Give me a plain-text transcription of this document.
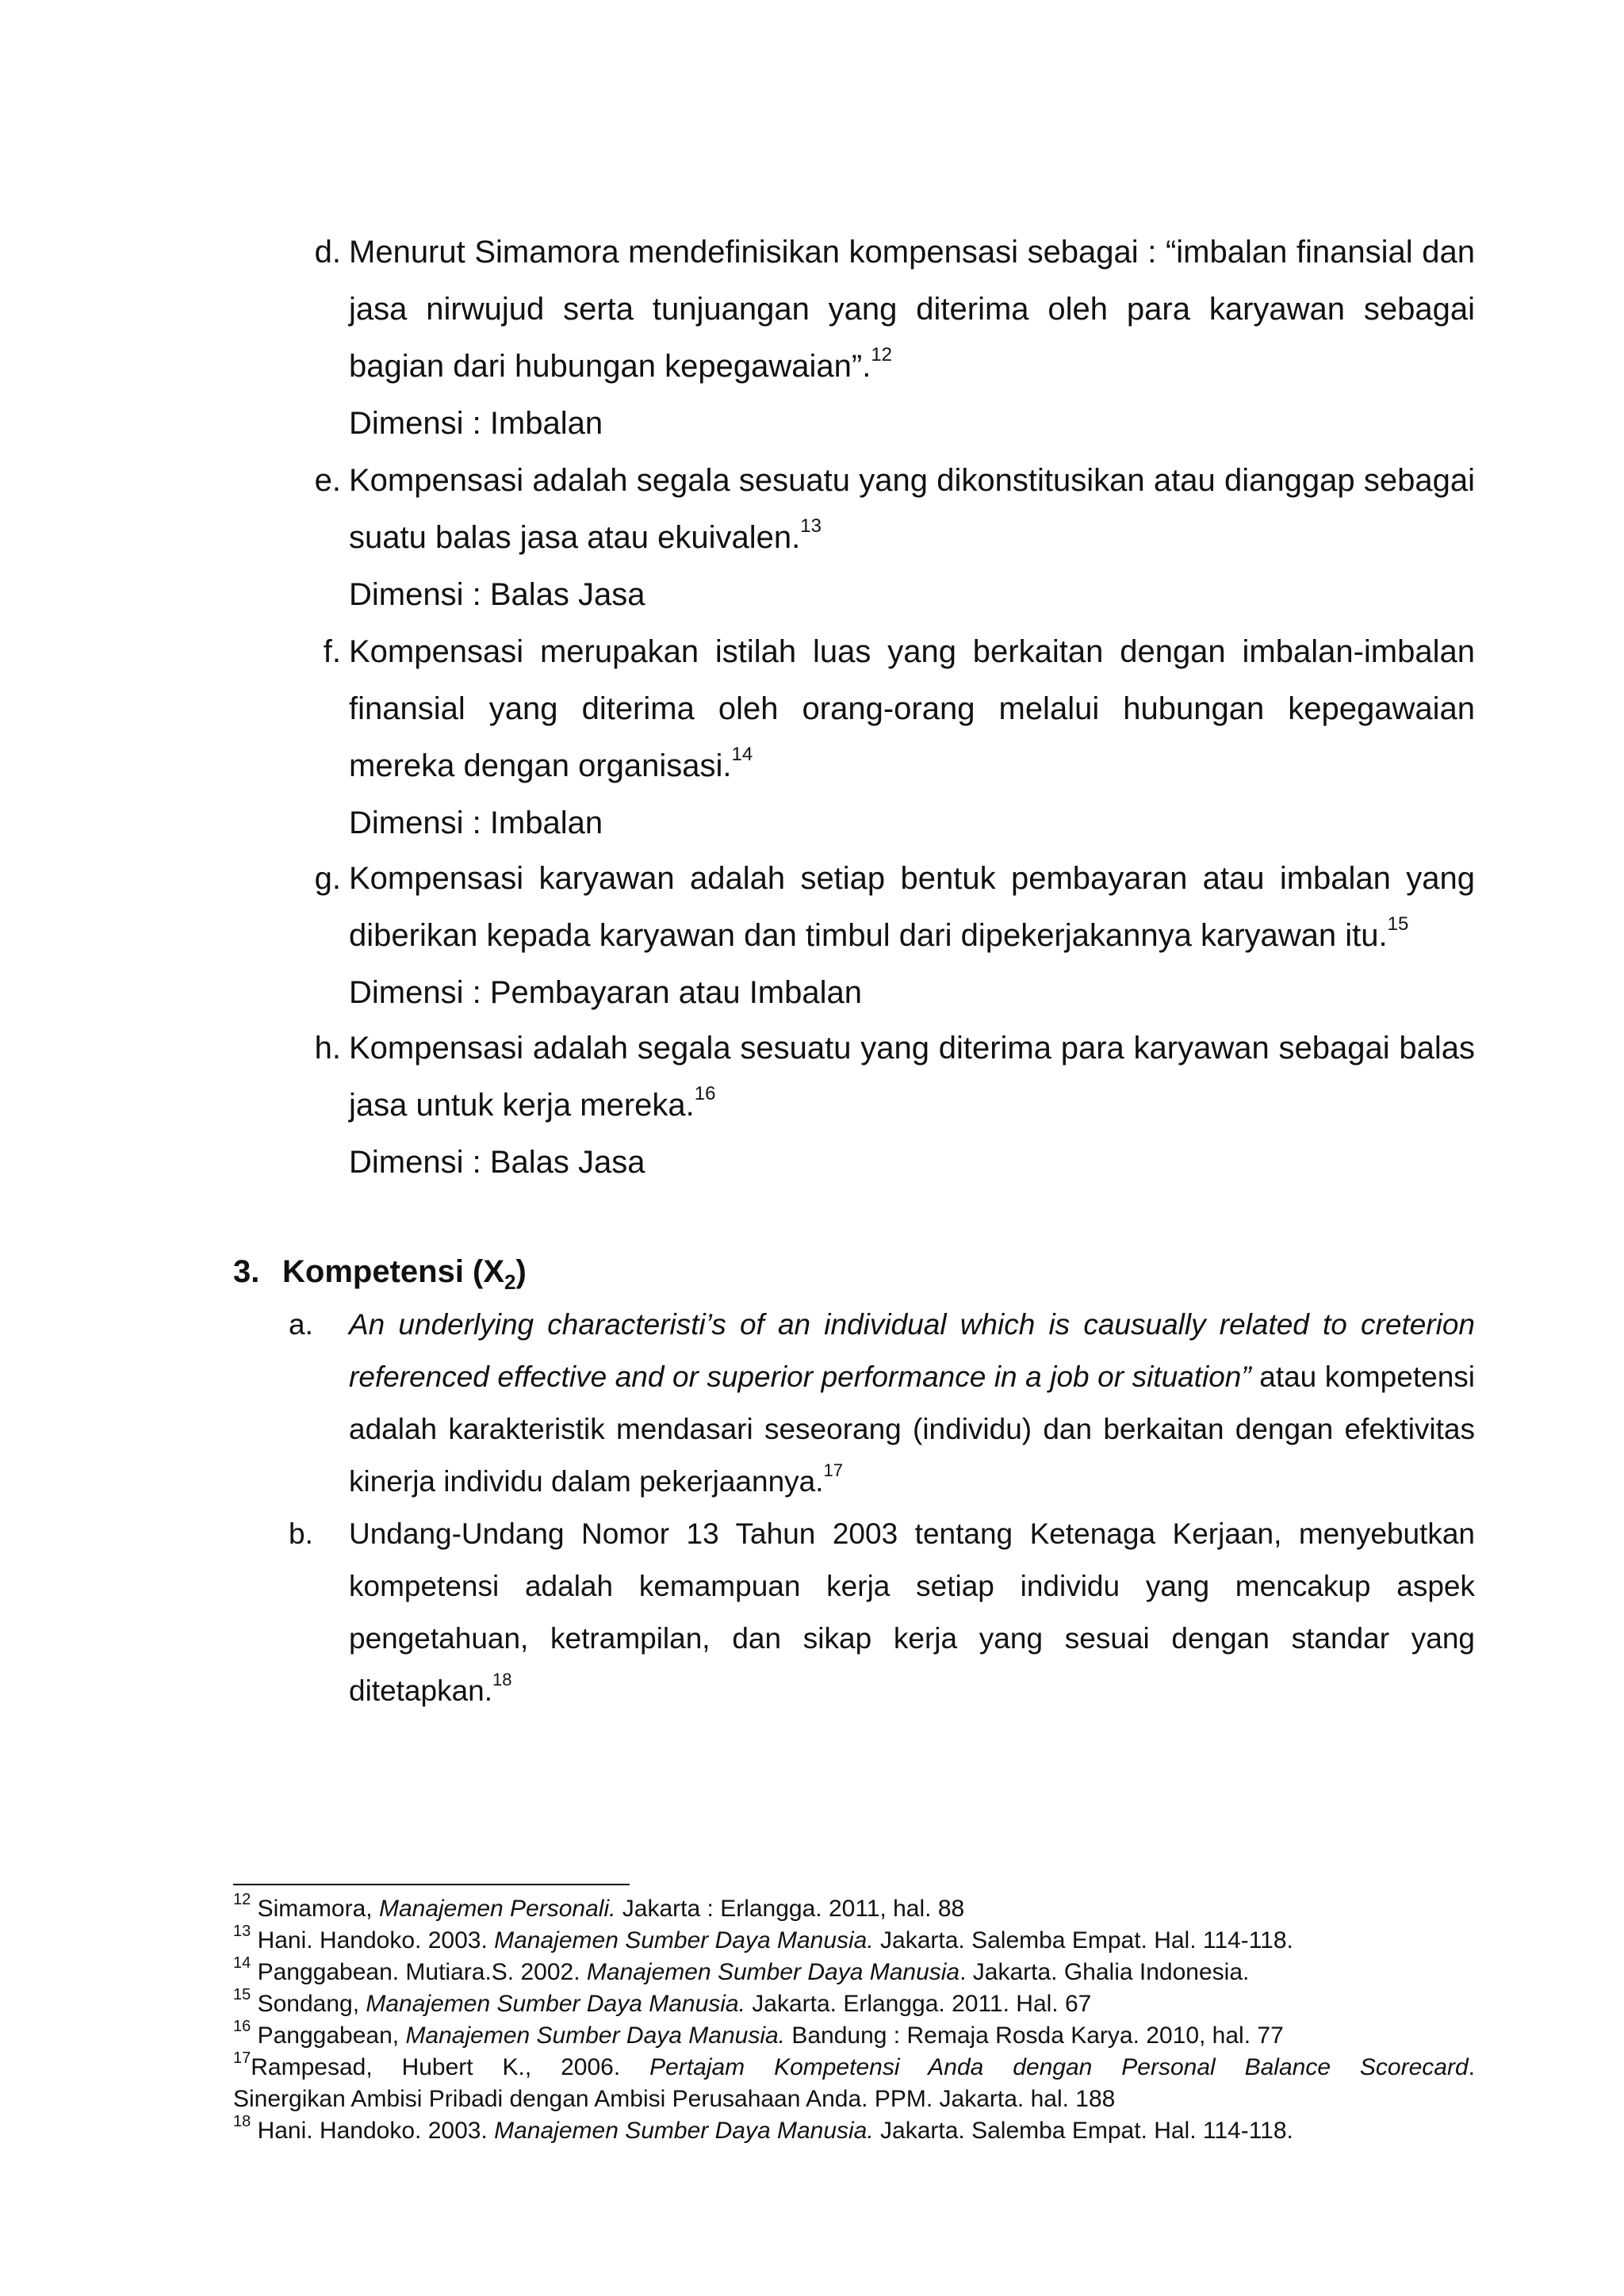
d. Menurut Simamora mendefinisikan kompensasi sebagai : “imbalan finansial dan jasa nirwujud serta tunjuangan yang diterima oleh para karyawan sebagai bagian dari hubungan kepegawaian”.$^{12}$

Dimensi : Imbalan

e. Kompensasi adalah segala sesuatu yang dikonstitusikan atau dianggap sebagai suatu balas jasa atau ekuivalen.$^{13}$

Dimensi : Balas Jasa

f. Kompensasi merupakan istilah luas yang berkaitan dengan imbalan-imbalan finansial yang diterima oleh orang-orang melalui hubungan kepegawaian mereka dengan organisasi.$^{14}$

Dimensi : Imbalan

g. Kompensasi karyawan adalah setiap bentuk pembayaran atau imbalan yang diberikan kepada karyawan dan timbul dari dipekerjakannya karyawan itu.$^{15}$

Dimensi : Pembayaran atau Imbalan

h. Kompensasi adalah segala sesuatu yang diterima para karyawan sebagai balas jasa untuk kerja mereka.$^{16}$

Dimensi : Balas Jasa

3. Kompetensi $(X_2)$
a. An underlying characteristi’s of an individual which is causually related to creterion referenced effective and or superior performance in a job or situation” atau kompetensi adalah karakteristik mendasari seseorang (individu) dan berkaitan dengan efektivitas kinerja individu dalam pekerjaannya.$^{17}$

b. Undang-Undang Nomor 13 Tahun 2003 tentang Ketenaga Kerjaan, menyebutkan kompetensi adalah kemampuan kerja setiap individu yang mencakup aspek pengetahuan, ketrampilan, dan sikap kerja yang sesuai dengan standar yang ditetapkan.$^{18}$

$^{12}$ Simamora, Manajemen Personali. Jakarta : Erlangga. 2011, hal. 88

$^{13}$ Hani. Handoko. 2003. Manajemen Sumber Daya Manusia. Jakarta. Salemba Empat. Hal. 114-118.

$^{14}$ Panggabean. Mutiara.S. 2002. Manajemen Sumber Daya Manusia. Jakarta. Ghalia Indonesia.

$^{15}$ Sondang, Manajemen Sumber Daya Manusia. Jakarta. Erlangga. 2011. Hal. 67

$^{16}$ Panggabean, Manajemen Sumber Daya Manusia. Bandung : Remaja Rosda Karya. 2010, hal. 77

$^{17}$Rampesad, Hubert K., 2006. Pertajam Kompetensi Anda dengan Personal Balance Scorecard.

Sinergikan Ambisi Pribadi dengan Ambisi Perusahaan Anda. PPM. Jakarta. hal. 188

$^{18}$ Hani. Handoko. 2003. Manajemen Sumber Daya Manusia. Jakarta. Salemba Empat. Hal. 114-118.
